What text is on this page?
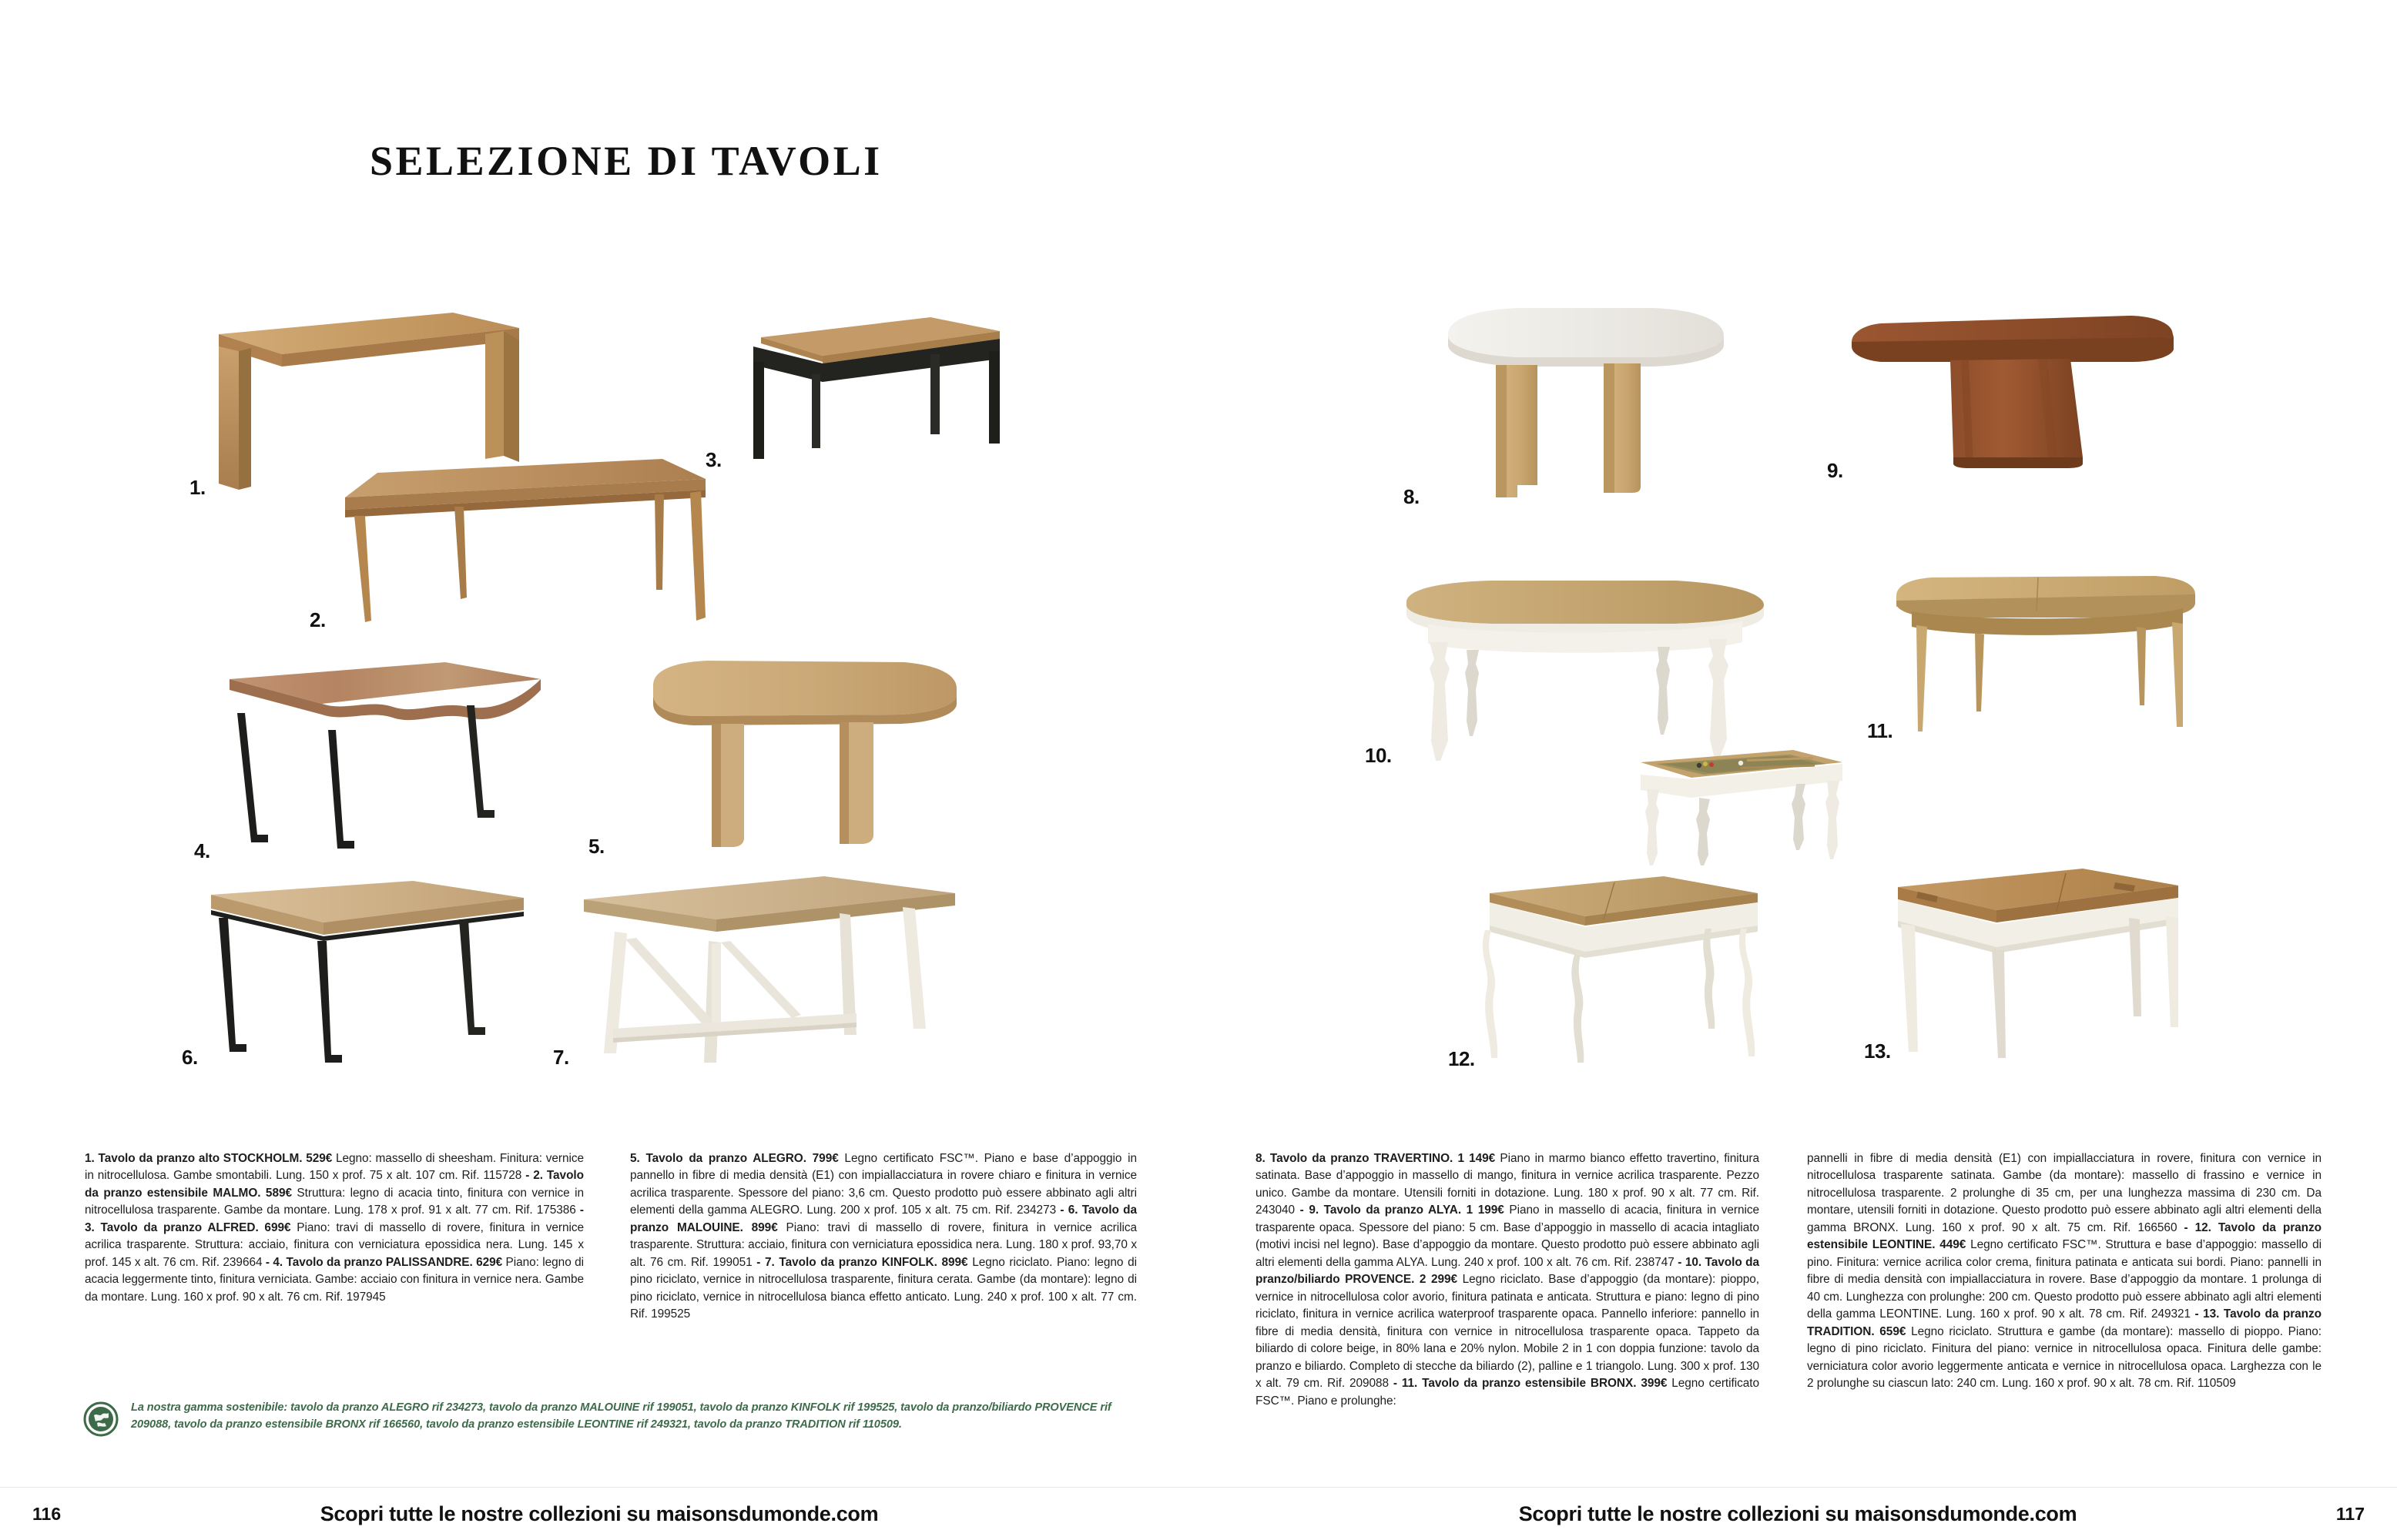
SELEZIONE DI TAVOLI
1.
2.
3.
4.	5.
6.	7.
1. Tavolo da pranzo alto STOCKHOLM. 529€ Legno: massello di sheesham. Finitura: vernice in nitrocellulosa. Gambe smontabili. Lung. 150 x prof. 75 x alt. 107 cm. Rif. 115728 - 2. Tavolo da pranzo estensibile MALMO. 589€ Struttura: legno di acacia tinto, finitura con vernice in nitrocellulosa trasparente. Gambe da montare. Lung. 178 x prof. 91 x alt. 77 cm. Rif. 175386 - 3. Tavolo da pranzo ALFRED. 699€ Piano: travi di massello di rovere, finitura in vernice acrilica trasparente. Struttura: acciaio, finitura con verniciatura epossidica nera. Lung. 145 x prof. 145 x alt. 76 cm. Rif. 239664 - 4. Tavolo da pranzo PALISSANDRE. 629€ Piano: legno di acacia leggermente tinto, finitura verniciata. Gambe: acciaio con finitura in vernice nera. Gambe da montare. Lung. 160 x prof. 90 x alt. 76 cm. Rif. 197945
5. Tavolo da pranzo ALEGRO. 799€ Legno certificato FSC™. Piano e base d’appoggio in pannello in fibre di media densità (E1) con impiallacciatura in rovere chiaro e finitura in vernice acrilica trasparente. Spessore del piano: 3,6 cm. Questo prodotto può essere abbinato agli altri elementi della gamma ALEGRO. Lung. 200 x prof. 105 x alt. 75 cm. Rif. 234273 - 6. Tavolo da pranzo MALOUINE. 899€ Piano: travi di massello di rovere, finitura in vernice acrilica trasparente. Struttura: acciaio, finitura con verniciatura epossidica nera. Lung. 180 x prof. 93,70 x alt. 76 cm. Rif. 199051 - 7. Tavolo da pranzo KINFOLK. 899€ Legno riciclato. Piano: legno di pino riciclato, vernice in nitrocellulosa trasparente, finitura cerata. Gambe (da montare): legno di pino riciclato, vernice in nitrocellulosa bianca effetto anticato. Lung. 240 x prof. 100 x alt. 77 cm. Rif. 199525
La nostra gamma sostenibile: tavolo da pranzo ALEGRO rif 234273, tavolo da pranzo MALOUINE rif 199051, tavolo da pranzo KINFOLK rif 199525, tavolo da pranzo/biliardo PROVENCE rif 209088, tavolo da pranzo estensibile BRONX rif 166560, tavolo da pranzo estensibile LEONTINE rif 249321, tavolo da pranzo TRADITION rif 110509.
116	Scopri tutte le nostre collezioni su maisonsdumonde.com
8.
9.
10.
11.
12.	13.
8. Tavolo da pranzo TRAVERTINO. 1 149€ Piano in marmo bianco effetto travertino, finitura satinata. Base d’appoggio in massello di mango, finitura in vernice acrilica trasparente. Pezzo unico. Gambe da montare. Utensili forniti in dotazione. Lung. 180 x prof. 90 x alt. 77 cm. Rif. 243040 - 9. Tavolo da pranzo ALYA. 1 199€ Piano in massello di acacia, finitura in vernice trasparente opaca. Spessore del piano: 5 cm. Base d’appoggio in massello di acacia intagliato (motivi incisi nel legno). Base d’appoggio da montare. Questo prodotto può essere abbinato agli altri elementi della gamma ALYA. Lung. 240 x prof. 100 x alt. 76 cm. Rif. 238747 - 10. Tavolo da pranzo/biliardo PROVENCE. 2 299€ Legno riciclato. Base d’appoggio (da montare): pioppo, vernice in nitrocellulosa color avorio, finitura patinata e anticata. Struttura e piano: legno di pino riciclato, finitura in vernice acrilica waterproof trasparente opaca. Pannello inferiore: pannello in fibre di media densità, finitura con vernice in nitrocellulosa trasparente opaca. Tappeto da biliardo di colore beige, in 80% lana e 20% nylon. Mobile 2 in 1 con doppia funzione: tavolo da pranzo e biliardo. Completo di stecche da biliardo (2), palline e 1 triangolo. Lung. 300 x prof. 130 x alt. 79 cm. Rif. 209088 - 11. Tavolo da pranzo estensibile BRONX. 399€ Legno certificato FSC™. Piano e prolunghe:
pannelli in fibre di media densità (E1) con impiallacciatura in rovere, finitura con vernice in nitrocellulosa trasparente satinata. Gambe (da montare): massello di frassino e vernice in nitrocellulosa trasparente. 2 prolunghe di 35 cm, per una lunghezza massima di 230 cm. Da montare, utensili forniti in dotazione. Questo prodotto può essere abbinato agli altri elementi della gamma BRONX. Lung. 160 x prof. 90 x alt. 75 cm. Rif. 166560 - 12. Tavolo da pranzo estensibile LEONTINE. 449€ Legno certificato FSC™. Struttura e base d’appoggio: massello di pino. Finitura: vernice acrilica color crema, finitura patinata e anticata sui bordi. Piano: pannelli in fibre di media densità con impiallacciatura in rovere. Base d’appoggio da montare. 1 prolunga di 40 cm. Lunghezza con prolunghe: 200 cm. Questo prodotto può essere abbinato agli altri elementi della gamma LEONTINE. Lung. 160 x prof. 90 x alt. 78 cm. Rif. 249321 - 13. Tavolo da pranzo TRADITION. 659€ Legno riciclato. Struttura e gambe (da montare): massello di pioppo. Piano: legno di pino riciclato. Finitura del piano: vernice in nitrocellulosa opaca. Finitura delle gambe: verniciatura color avorio leggermente anticata e vernice in nitrocellulosa opaca. Larghezza con le 2 prolunghe su ciascun lato: 240 cm. Lung. 160 x prof. 90 x alt. 78 cm. Rif. 110509
117
Scopri tutte le nostre collezioni su maisonsdumonde.com
